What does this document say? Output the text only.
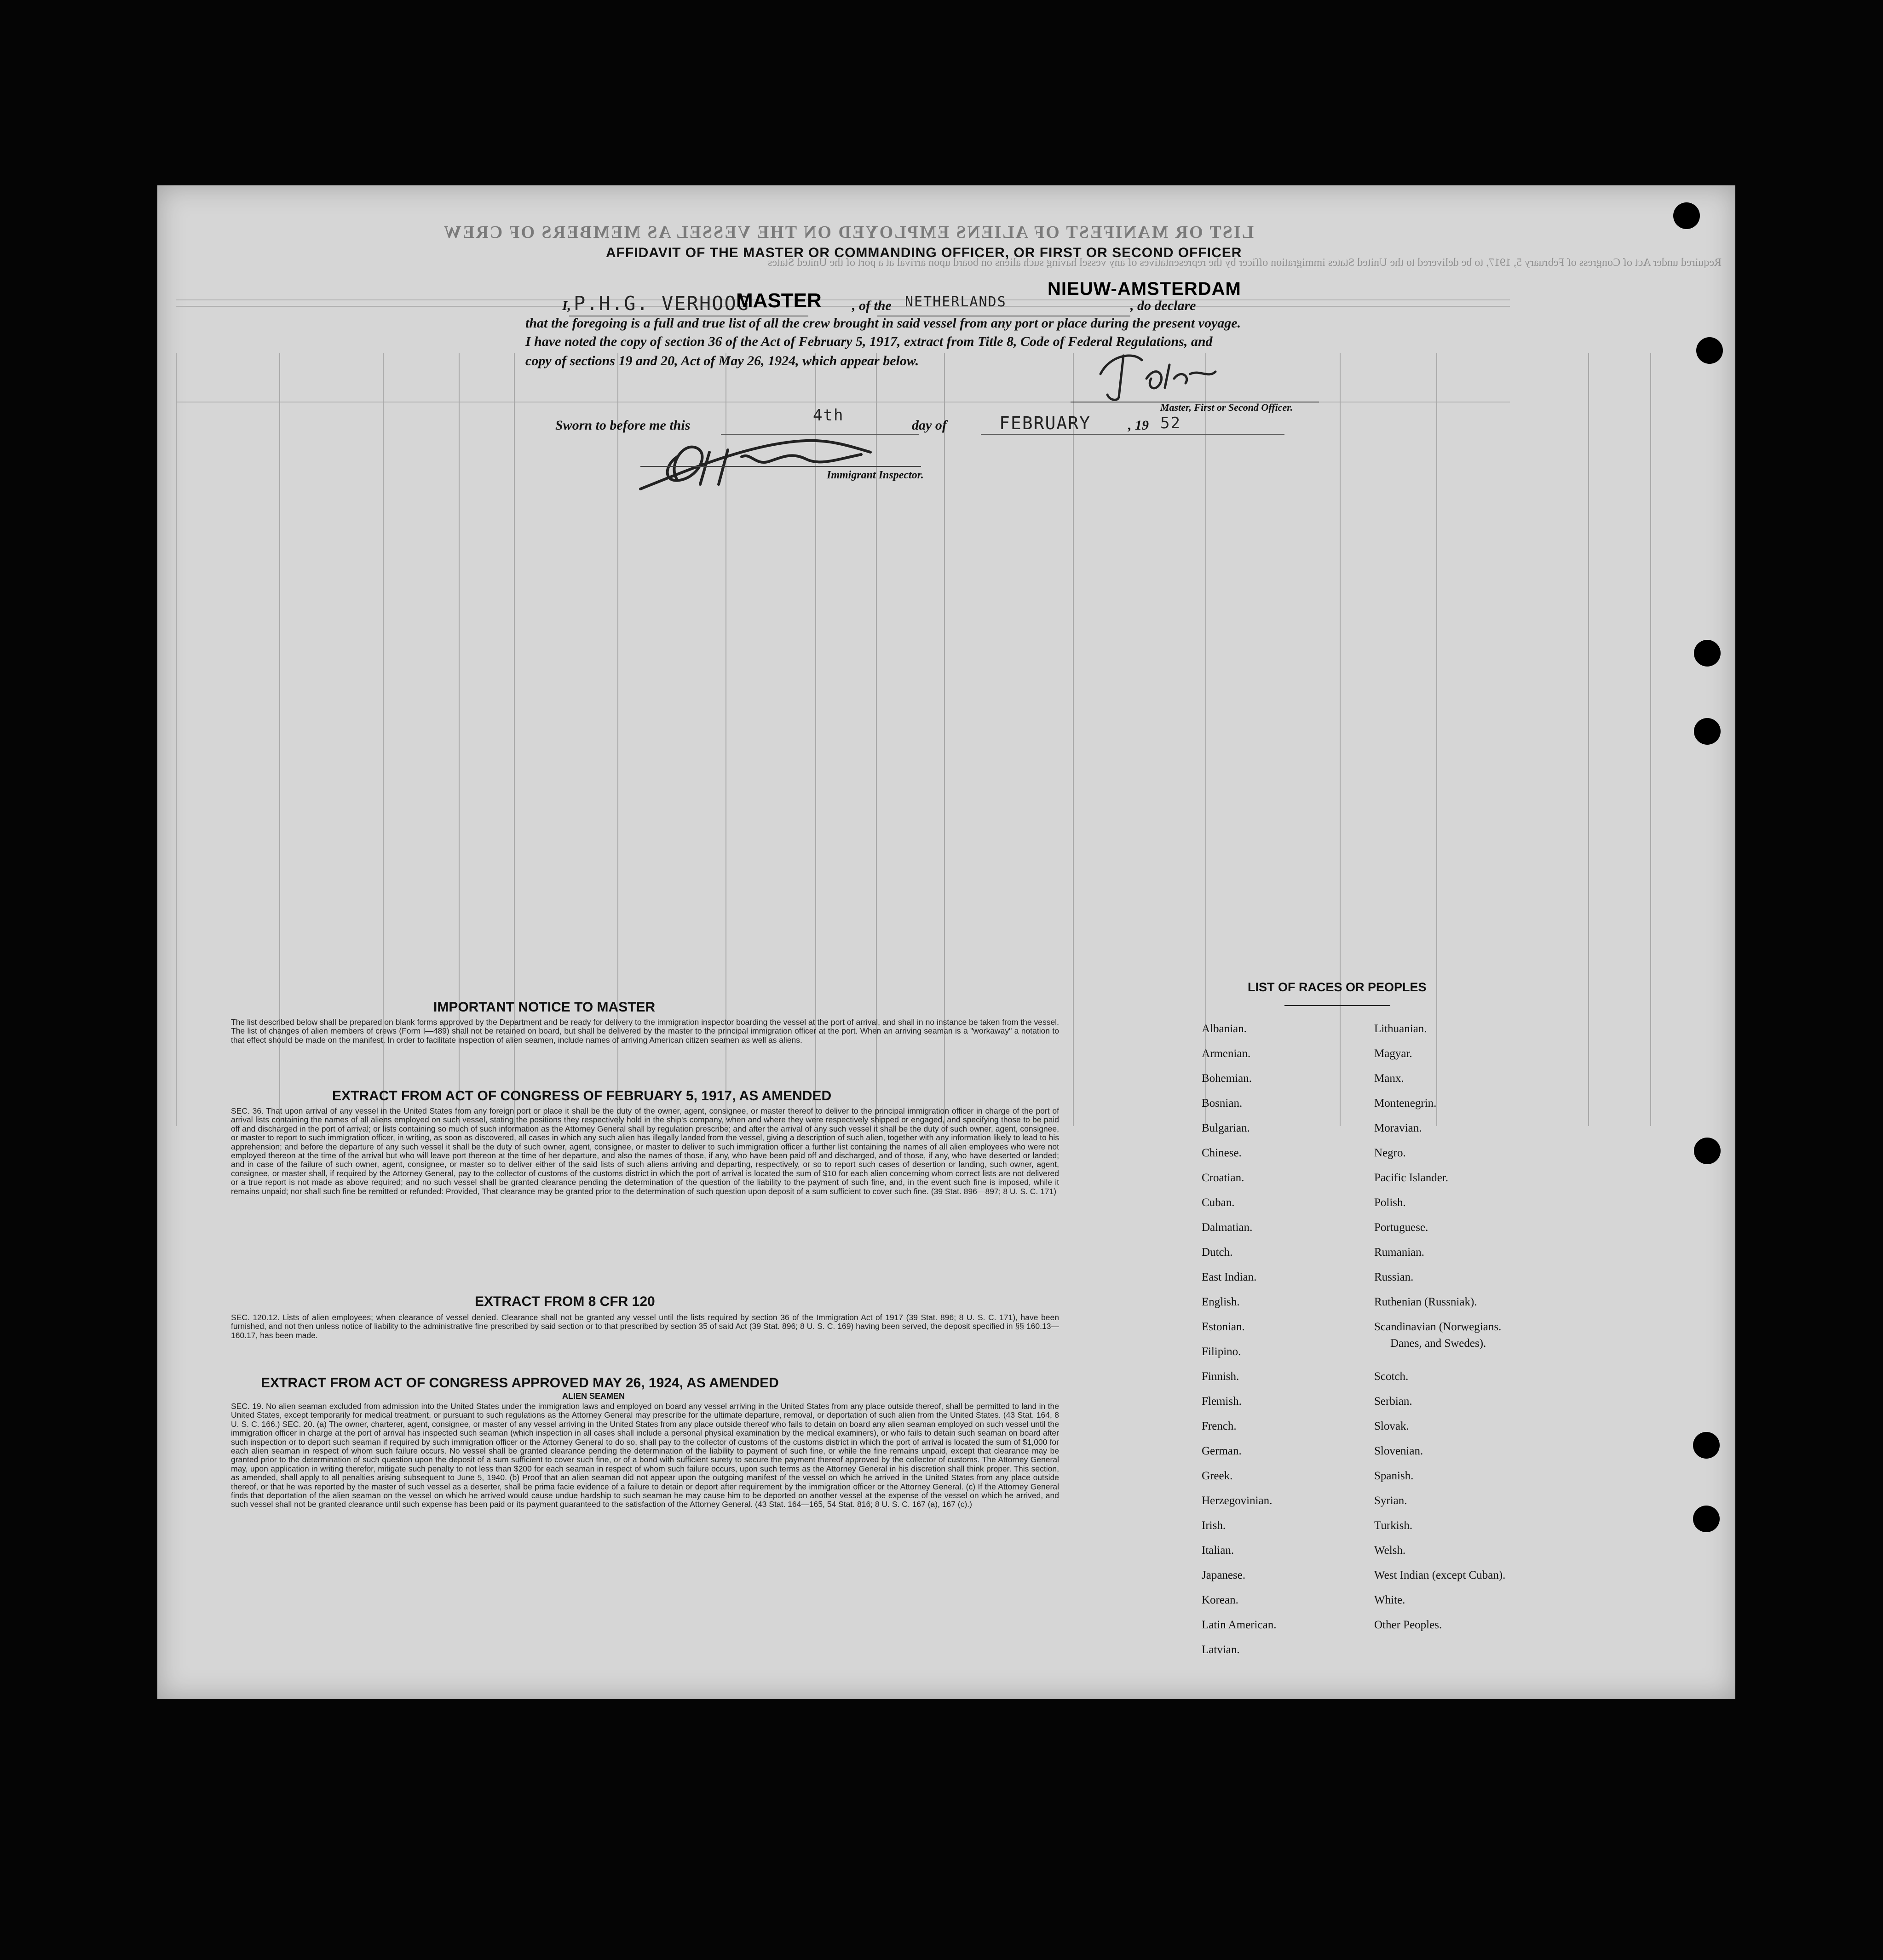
LIST OR MANIFEST OF ALIENS EMPLOYED ON THE VESSEL AS MEMBERS OF CREW
Required under Act of Congress of February 5, 1917, to be delivered to the United States immigration officer by the representatives of any vessel having such aliens on board upon arrival at a port of the United States
AFFIDAVIT OF THE MASTER OR COMMANDING OFFICER, OR FIRST OR SECOND OFFICER
I, P.H.G. VERHOOG
MASTER , of the NETHERLANDS
NIEUW-AMSTERDAM
, do declare
that the foregoing is a full and true list of all the crew brought in said vessel from any port or place during the present voyage.
I have noted the copy of section 36 of the Act of February 5, 1917, extract from Title 8, Code of Federal Regulations, and
copy of sections 19 and 20, Act of May 26, 1924, which appear below.
Master, First or Second Officer.
Sworn to before me this
4th
day of	FEBRUARY	, 19 52
Immigrant Inspector.
IMPORTANT NOTICE TO MASTER
The list described below shall be prepared on blank forms approved by the Department and be ready for delivery to the immigration inspector boarding the vessel at the port of arrival, and shall in no instance be taken from the vessel. The list of changes of alien members of crews (Form I—489) shall not be retained on board, but shall be delivered by the master to the principal immigration officer at the port. When an arriving seaman is a "workaway" a notation to that effect should be made on the manifest. In order to facilitate inspection of alien seamen, include names of arriving American citizen seamen as well as aliens.
EXTRACT FROM ACT OF CONGRESS OF FEBRUARY 5, 1917, AS AMENDED
SEC. 36. That upon arrival of any vessel in the United States from any foreign port or place it shall be the duty of the owner, agent, consignee, or master thereof to deliver to the principal immigration officer in charge of the port of arrival lists containing the names of all aliens employed on such vessel, stating the positions they respectively hold in the ship's company, when and where they were respectively shipped or engaged, and specifying those to be paid off and discharged in the port of arrival; or lists containing so much of such information as the Attorney General shall by regulation prescribe; and after the arrival of any such vessel it shall be the duty of such owner, agent, consignee, or master to report to such immigration officer, in writing, as soon as discovered, all cases in which any such alien has illegally landed from the vessel, giving a description of such alien, together with any information likely to lead to his apprehension; and before the departure of any such vessel it shall be the duty of such owner, agent, consignee, or master to deliver to such immigration officer a further list containing the names of all alien employees who were not employed thereon at the time of the arrival but who will leave port thereon at the time of her departure, and also the names of those, if any, who have been paid off and discharged, and of those, if any, who have deserted or landed; and in case of the failure of such owner, agent, consignee, or master so to deliver either of the said lists of such aliens arriving and departing, respectively, or so to report such cases of desertion or landing, such owner, agent, consignee, or master shall, if required by the Attorney General, pay to the collector of customs of the customs district in which the port of arrival is located the sum of $10 for each alien concerning whom correct lists are not delivered or a true report is not made as above required; and no such vessel shall be granted clearance pending the determination of the question of the liability to the payment of such fine, and, in the event such fine is imposed, while it remains unpaid; nor shall such fine be remitted or refunded: Provided, That clearance may be granted prior to the determination of such question upon deposit of a sum sufficient to cover such fine. (39 Stat. 896—897; 8 U. S. C. 171)
EXTRACT FROM 8 CFR 120
SEC. 120.12. Lists of alien employees; when clearance of vessel denied. Clearance shall not be granted any vessel until the lists required by section 36 of the Immigration Act of 1917 (39 Stat. 896; 8 U. S. C. 171), have been furnished, and not then unless notice of liability to the administrative fine prescribed by said section or to that prescribed by section 35 of said Act (39 Stat. 896; 8 U. S. C. 169) having been served, the deposit specified in §§ 160.13—160.17, has been made.
EXTRACT FROM ACT OF CONGRESS APPROVED MAY 26, 1924, AS AMENDED
ALIEN SEAMEN
SEC. 19. No alien seaman excluded from admission into the United States under the immigration laws and employed on board any vessel arriving in the United States from any place outside thereof, shall be permitted to land in the United States, except temporarily for medical treatment, or pursuant to such regulations as the Attorney General may prescribe for the ultimate departure, removal, or deportation of such alien from the United States. (43 Stat. 164, 8 U. S. C. 166.) SEC. 20. (a) The owner, charterer, agent, consignee, or master of any vessel arriving in the United States from any place outside thereof who fails to detain on board any alien seaman employed on such vessel until the immigration officer in charge at the port of arrival has inspected such seaman (which inspection in all cases shall include a personal physical examination by the medical examiners), or who fails to detain such seaman on board after such inspection or to deport such seaman if required by such immigration officer or the Attorney General to do so, shall pay to the collector of customs of the customs district in which the port of arrival is located the sum of $1,000 for each alien seaman in respect of whom such failure occurs. No vessel shall be granted clearance pending the determination of the liability to payment of such fine, or while the fine remains unpaid, except that clearance may be granted prior to the determination of such question upon the deposit of a sum sufficient to cover such fine, or of a bond with sufficient surety to secure the payment thereof approved by the collector of customs. The Attorney General may, upon application in writing therefor, mitigate such penalty to not less than $200 for each seaman in respect of whom such failure occurs, upon such terms as the Attorney General in his discretion shall think proper. This section, as amended, shall apply to all penalties arising subsequent to June 5, 1940. (b) Proof that an alien seaman did not appear upon the outgoing manifest of the vessel on which he arrived in the United States from any place outside thereof, or that he was reported by the master of such vessel as a deserter, shall be prima facie evidence of a failure to detain or deport after requirement by the immigration officer or the Attorney General. (c) If the Attorney General finds that deportation of the alien seaman on the vessel on which he arrived would cause undue hardship to such seaman he may cause him to be deported on another vessel at the expense of the vessel on which he arrived, and such vessel shall not be granted clearance until such expense has been paid or its payment guaranteed to the satisfaction of the Attorney General. (43 Stat. 164—165, 54 Stat. 816; 8 U. S. C. 167 (a), 167 (c).)
LIST OF RACES OR PEOPLES
Albanian.
Armenian.
Bohemian.
Bosnian.
Bulgarian.
Chinese.
Croatian.
Cuban.
Dalmatian.
Dutch.
East Indian.
English.
Estonian.
Filipino.
Finnish.
Flemish.
French.
German.
Greek.
Herzegovinian.
Irish.
Italian.
Japanese.
Korean.
Latin American.
Latvian.
Lithuanian.
Magyar.
Manx.
Montenegrin.
Moravian.
Negro.
Pacific Islander.
Polish.
Portuguese.
Rumanian.
Russian.
Ruthenian (Russniak).
Scandinavian (Norwegians.
Danes, and Swedes).
Scotch.
Serbian.
Slovak.
Slovenian.
Spanish.
Syrian.
Turkish.
Welsh.
West Indian (except Cuban).
White.
Other Peoples.
